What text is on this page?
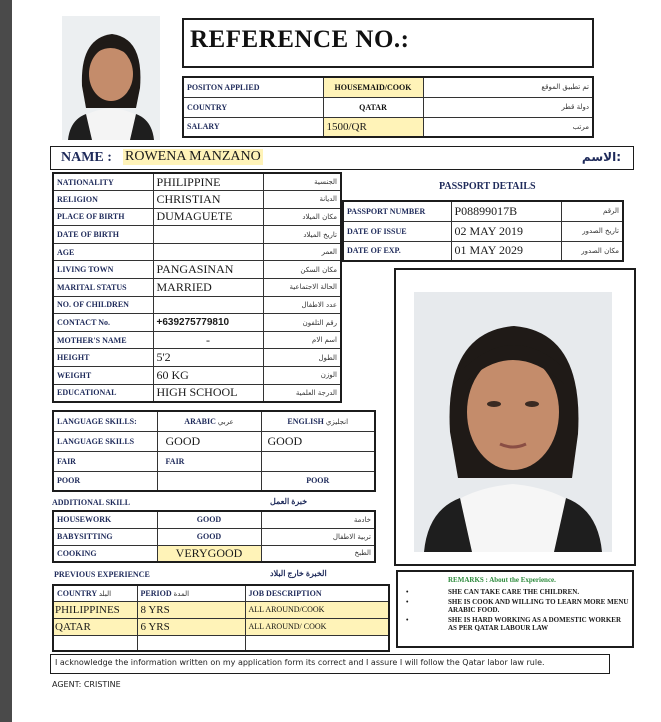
REFERENCE NO.:
POSITON APPLIED	HOUSEMAID/COOK	تم تطبيق الموقع
COUNTRY	QATAR	دولة قطر
SALARY	1500/QR	مرتب
NAME : ROWENA MANZANO	الاسم:
NATIONALITY	PHILIPPINE	الجنسية
RELIGION	CHRISTIAN	الديانة
PLACE OF BIRTH	DUMAGUETE	مكان الميلاد
DATE OF BIRTH		تاريخ الميلاد
AGE		العمر
LIVING TOWN	PANGASINAN	مكان السكن
MARITAL STATUS	MARRIED	الحالة الاجتماعية
NO. OF CHILDREN		عدد الاطفال
CONTACT No.	+639275779810	رقم التلفون
MOTHER'S NAME	-	اسم الام
HEIGHT	5'2	الطول
WEIGHT	60 KG	الوزن
EDUCATIONAL	HIGH SCHOOL	الدرجة العلمية
PASSPORT DETAILS
PASSPORT NUMBER	P08899017B	الرقم
DATE OF ISSUE	02 MAY 2019	تاريخ الصدور
DATE OF EXP.	01 MAY 2029	مكان الصدور
LANGUAGE SKILLS:	ARABIC عربي	ENGLISH انجليزي
LANGUAGE SKILLS	GOOD	GOOD
FAIR	FAIR	
POOR		POOR
ADDITIONAL SKILL	خبرة العمل
HOUSEWORK	GOOD	خادمة
BABYSITTING	GOOD	تربية الاطفال
COOKING	VERYGOOD	الطبخ
PREVIOUS EXPERIENCE	الخبرة خارج البلاد
COUNTRY البلد	PERIOD المدة	JOB DESCRIPTION
PHILIPPINES	8 YRS	ALL AROUND/COOK
QATAR	6 YRS	ALL AROUND/ COOK

REMARKS : About the Experience.
•	SHE CAN TAKE CARE THE CHILDREN.
•	SHE IS COOK AND WILLING TO LEARN MORE MENU ARABIC FOOD.
•	SHE IS HARD WORKING AS A DOMESTIC WORKER AS PER QATAR LABOUR LAW
I acknowledge the information written on my application form its correct and I assure I will follow the Qatar labor law rule.
AGENT: CRISTINE
